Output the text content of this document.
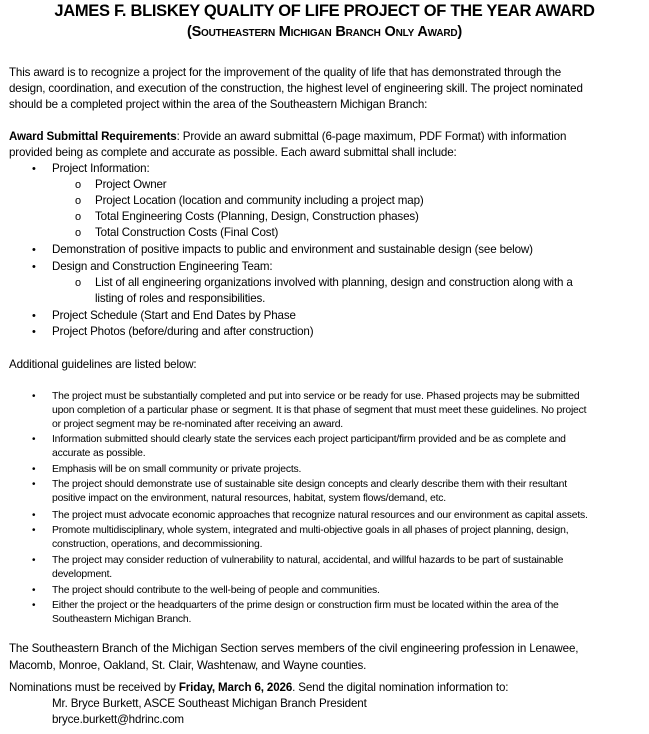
JAMES F. BLISKEY QUALITY OF LIFE PROJECT OF THE YEAR AWARD
(Southeastern Michigan Branch Only Award)
This award is to recognize a project for the improvement of the quality of life that has demonstrated through the
design, coordination, and execution of the construction, the highest level of engineering skill. The project nominated
should be a completed project within the area of the Southeastern Michigan Branch:
Award Submittal Requirements: Provide an award submittal (6-page maximum, PDF Format) with information
provided being as complete and accurate as possible. Each award submittal shall include:
• Project Information:
o Project Owner
o Project Location (location and community including a project map)
o Total Engineering Costs (Planning, Design, Construction phases)
o Total Construction Costs (Final Cost)
• Demonstration of positive impacts to public and environment and sustainable design (see below)
• Design and Construction Engineering Team:
o List of all engineering organizations involved with planning, design and construction along with a
listing of roles and responsibilities.
• Project Schedule (Start and End Dates by Phase
• Project Photos (before/during and after construction)
Additional guidelines are listed below:
• The project must be substantially completed and put into service or be ready for use. Phased projects may be submitted
upon completion of a particular phase or segment. It is that phase of segment that must meet these guidelines. No project
or project segment may be re-nominated after receiving an award.
• Information submitted should clearly state the services each project participant/firm provided and be as complete and
accurate as possible.
• Emphasis will be on small community or private projects.
• The project should demonstrate use of sustainable site design concepts and clearly describe them with their resultant
positive impact on the environment, natural resources, habitat, system flows/demand, etc.
• The project must advocate economic approaches that recognize natural resources and our environment as capital assets.
• Promote multidisciplinary, whole system, integrated and multi-objective goals in all phases of project planning, design,
construction, operations, and decommissioning.
• The project may consider reduction of vulnerability to natural, accidental, and willful hazards to be part of sustainable
development.
• The project should contribute to the well-being of people and communities.
• Either the project or the headquarters of the prime design or construction firm must be located within the area of the
Southeastern Michigan Branch.
The Southeastern Branch of the Michigan Section serves members of the civil engineering profession in Lenawee,
Macomb, Monroe, Oakland, St. Clair, Washtenaw, and Wayne counties.
Nominations must be received by Friday, March 6, 2026. Send the digital nomination information to:
Mr. Bryce Burkett, ASCE Southeast Michigan Branch President
bryce.burkett@hdrinc.com
